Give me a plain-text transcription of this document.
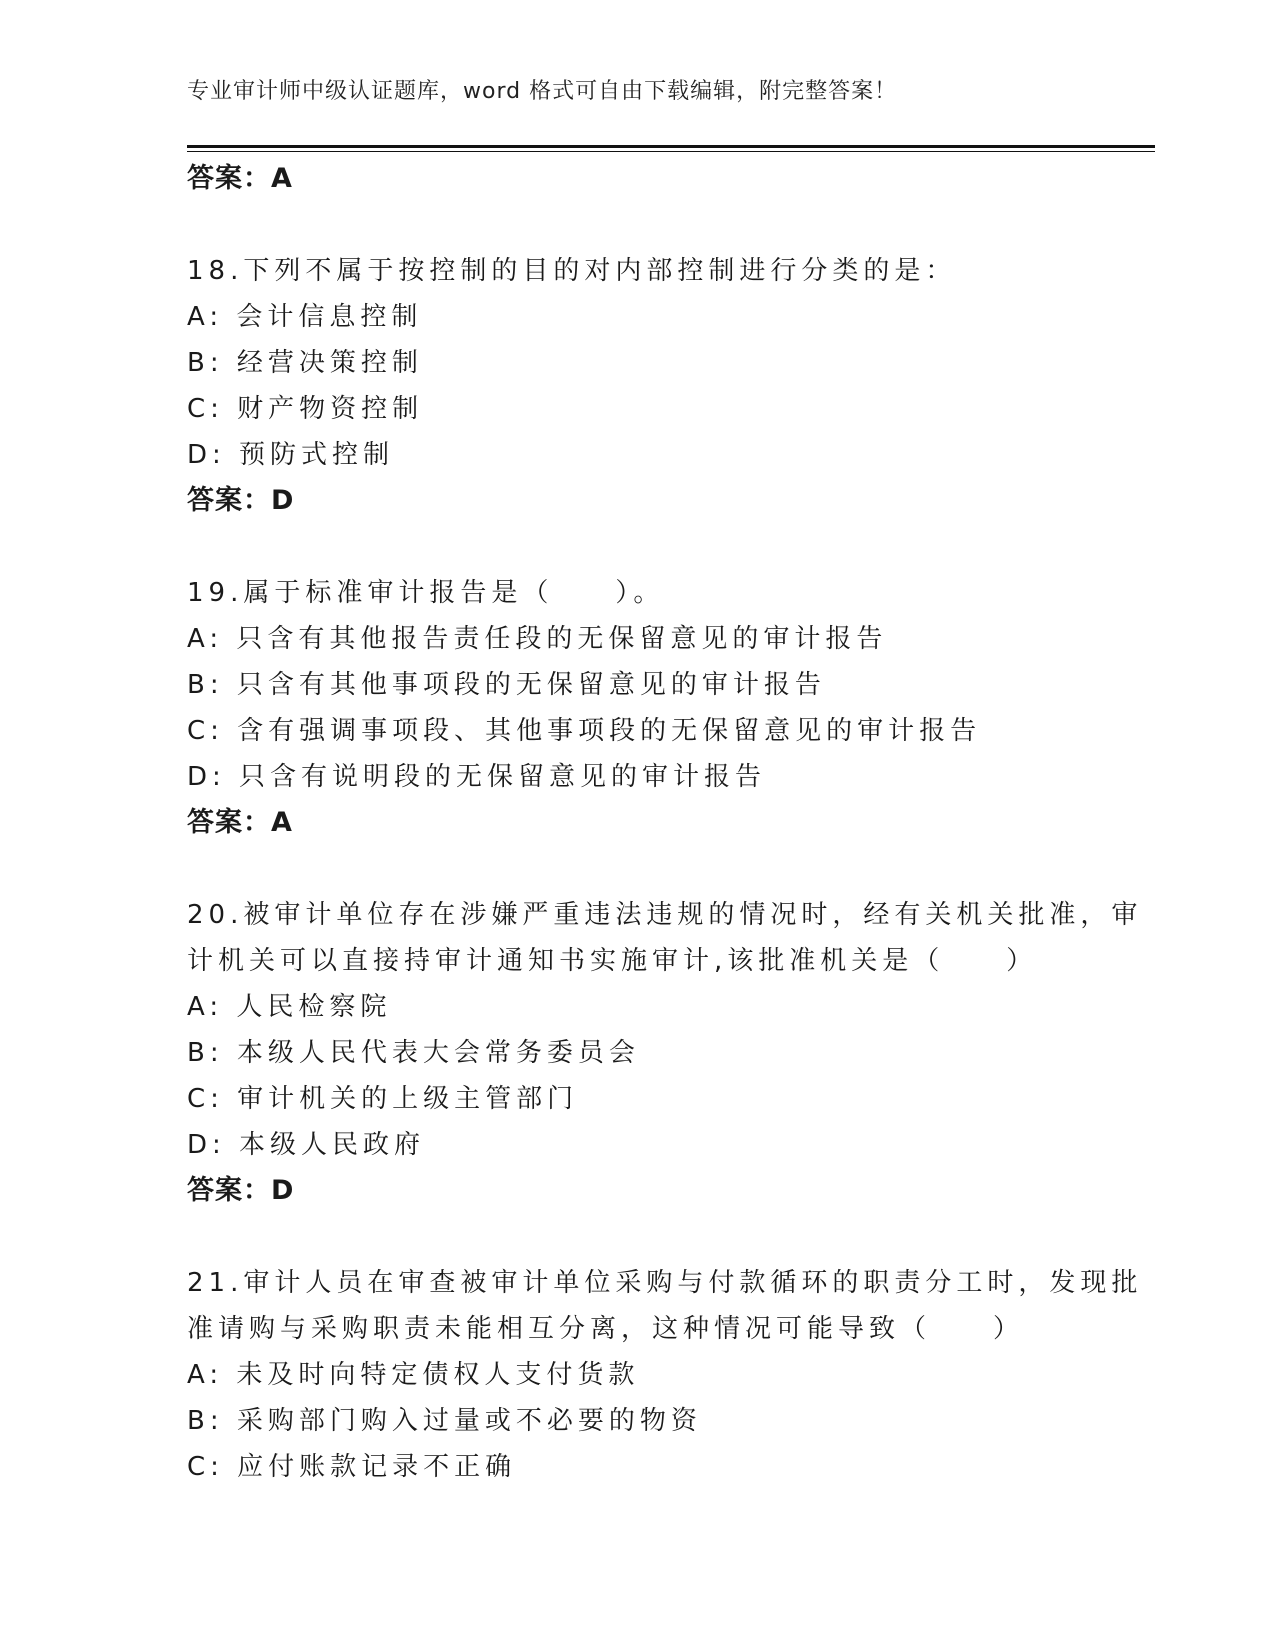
专业审计师中级认证题库，word 格式可自由下载编辑，附完整答案！
答案：A
18.下列不属于按控制的目的对内部控制进行分类的是：
A: 会计信息控制
B: 经营决策控制
C: 财产物资控制
D: 预防式控制
答案：D
19.属于标准审计报告是（　　）。
A: 只含有其他报告责任段的无保留意见的审计报告
B: 只含有其他事项段的无保留意见的审计报告
C: 含有强调事项段、其他事项段的无保留意见的审计报告
D: 只含有说明段的无保留意见的审计报告
答案：A
20.被审计单位存在涉嫌严重违法违规的情况时，经有关机关批准，审
计机关可以直接持审计通知书实施审计,该批准机关是（　　）
A: 人民检察院
B: 本级人民代表大会常务委员会
C: 审计机关的上级主管部门
D: 本级人民政府
答案：D
21.审计人员在审查被审计单位采购与付款循环的职责分工时，发现批
准请购与采购职责未能相互分离，这种情况可能导致（　　）
A: 未及时向特定债权人支付货款
B: 采购部门购入过量或不必要的物资
C: 应付账款记录不正确
